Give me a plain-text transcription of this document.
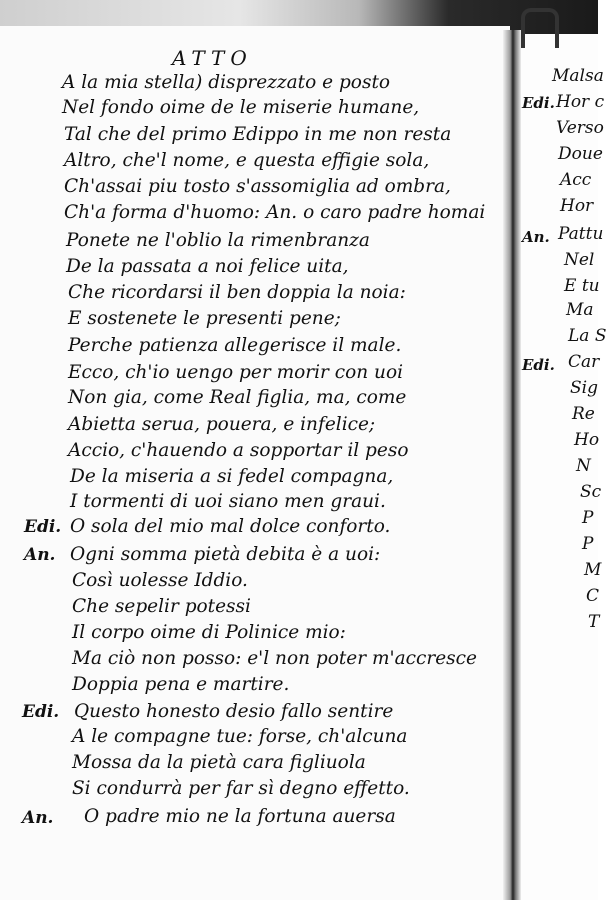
Malsa
Edi. Hor c
Verso
Doue
Acc
Hor
An. Pattu
Nel
E tu
Ma
La S
Edi. Car
Sig
Re
Ho
N
Sc
P
P
M
C
T
ATTO
A la mia stella) disprezzato e posto
Nel fondo oime de le miserie humane,
Tal che del primo Edippo in me non resta
Altro, che'l nome, e questa effigie sola,
Ch'assai piu tosto s'assomiglia ad ombra,
Ch'a forma d'huomo: An. o caro padre homai
Ponete ne l'oblio la rimenbranza
De la passata a noi felice uita,
Che ricordarsi il ben doppia la noia:
E sostenete le presenti pene;
Perche patienza allegerisce il male.
Ecco, ch'io uengo per morir con uoi
Non gia, come Real figlia, ma, come
Abietta serua, pouera, e infelice;
Accio, c'hauendo a sopportar il peso
De la miseria a si fedel compagna,
I tormenti di uoi siano men graui.
Edi. O sola del mio mal dolce conforto.
An. Ogni somma pietà debita è a uoi:
Così uolesse Iddio.
Che sepelir potessi
Il corpo oime di Polinice mio:
Ma ciò non posso: e'l non poter m'accresce
Doppia pena e martire.
Edi. Questo honesto desio fallo sentire
A le compagne tue: forse, ch'alcuna
Mossa da la pietà cara figliuola
Si condurrà per far sì degno effetto.
An. O padre mio ne la fortuna auersa
